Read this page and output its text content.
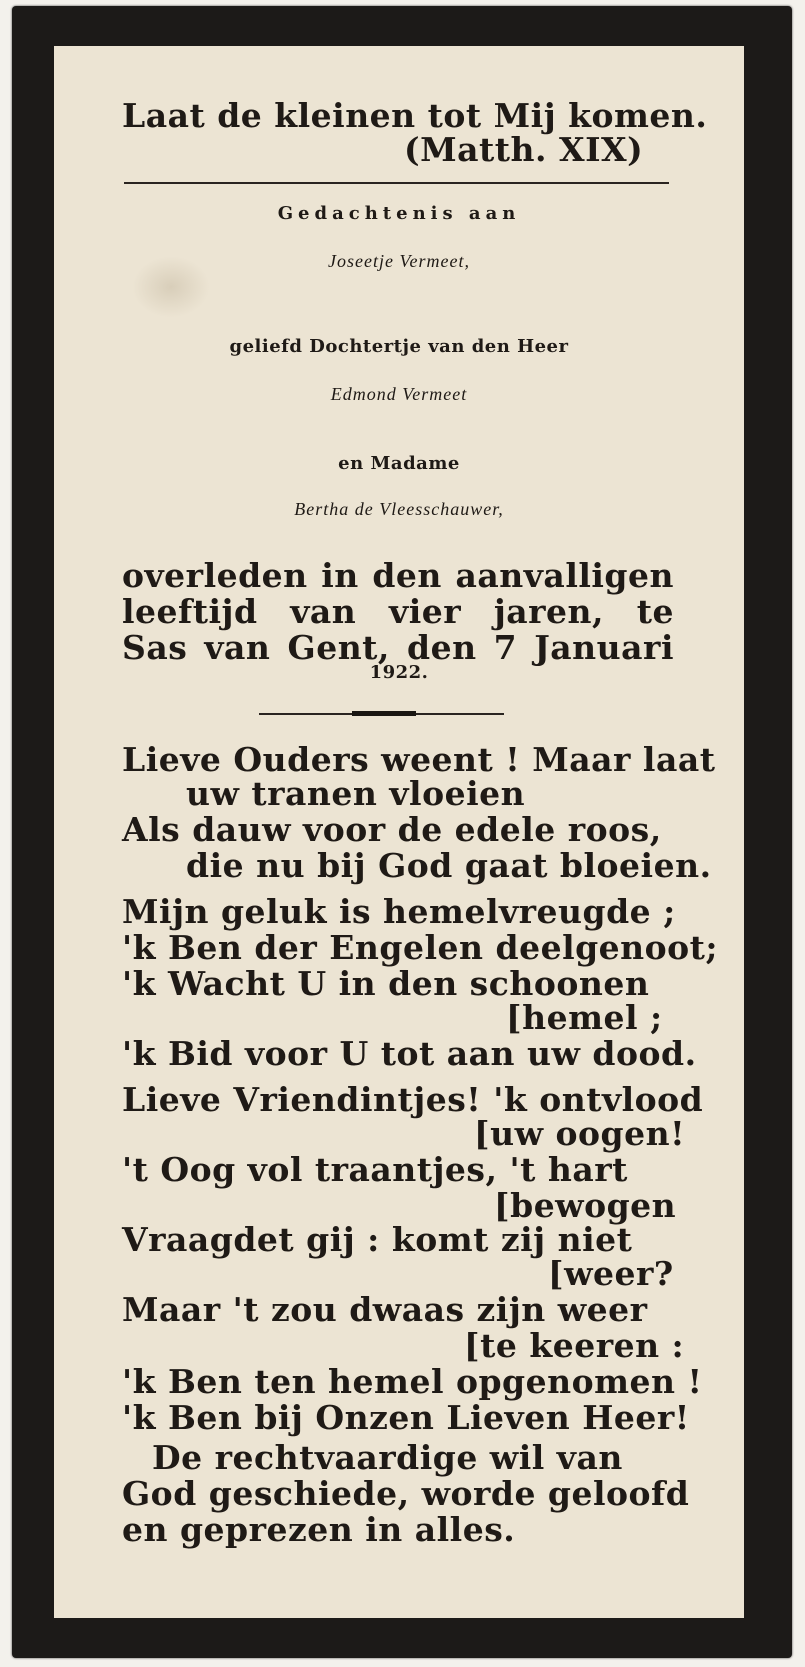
Laat de kleinen tot Mij komen.
(Matth. XIX)
Gedachtenis aan
Joseetje Vermeet,
geliefd Dochtertje van den Heer
Edmond Vermeet
en Madame
Bertha de Vleesschauwer,
overleden in den aanvalligen
leeftijd van vier jaren, te
Sas van Gent, den 7 Januari
1922.
Lieve Ouders weent ! Maar laat
uw tranen vloeien
Als dauw voor de edele roos,
die nu bij God gaat bloeien.
Mijn geluk is hemelvreugde ;
'k Ben der Engelen deelgenoot;
'k Wacht U in den schoonen
[hemel ;
'k Bid voor U tot aan uw dood.
Lieve Vriendintjes! 'k ontvlood
[uw oogen!
't Oog vol traantjes, 't hart
[bewogen
Vraagdet gij : komt zij niet
[weer?
Maar 't zou dwaas zijn weer
[te keeren :
'k Ben ten hemel opgenomen !
'k Ben bij Onzen Lieven Heer!
De rechtvaardige wil van
God geschiede, worde geloofd
en geprezen in alles.
